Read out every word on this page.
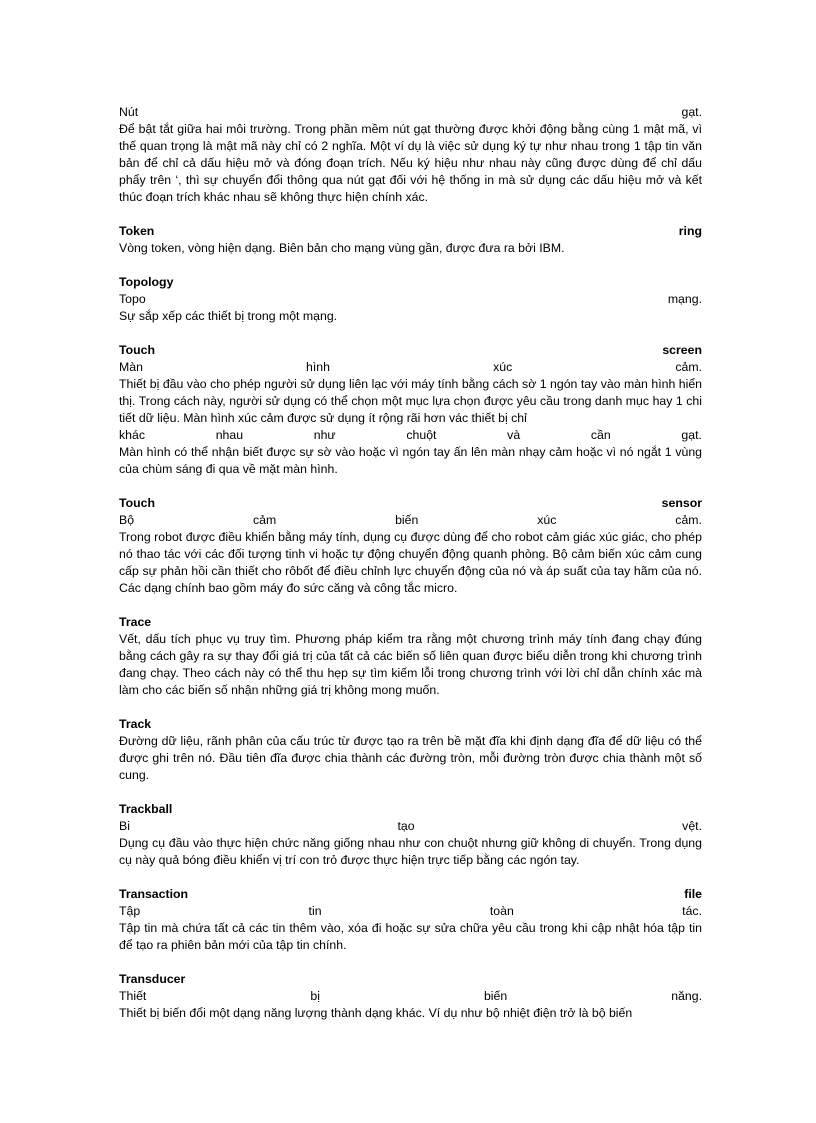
Nút	gạt.
Để bật tắt giữa hai môi trường. Trong phần mềm nút gạt thường được khởi động bằng cùng 1 mật mã, vì thế quan trọng là mật mã này chỉ có 2 nghĩa. Một ví dụ là việc sử dụng ký tự như nhau trong 1 tập tin văn bản để chỉ cả dấu hiệu mở và đóng đoạn trích. Nếu ký hiệu như nhau này cũng được dùng để chỉ dấu phẩy trên ‘, thì sự chuyển đổi thông qua nút gạt đối với hệ thống in mà sử dụng các dấu hiệu mở và kết thúc đoạn trích khác nhau sẽ không thực hiện chính xác.
Token	ring
Vòng token, vòng hiện dạng. Biên bản cho mạng vùng gần, được đưa ra bởi IBM.
Topology
Topo	mạng.
Sự sắp xếp các thiết bị trong một mạng.
Touch	screen
Màn	hình	xúc	cảm.
Thiết bị đầu vào cho phép người sử dụng liên lạc với máy tính bằng cách sờ 1 ngón tay vào màn hình hiển thị. Trong cách này, người sử dụng có thể chọn một mục lựa chọn được yêu cầu trong danh mục hay 1 chi tiết dữ liệu. Màn hình xúc cảm được sử dụng ít rộng rãi hơn vác thiết bị chỉ
khác	nhau	như	chuột	và	cần	gạt.
Màn hình có thể nhận biết được sự sờ vào hoặc vì ngón tay ấn lên màn nhạy cảm hoặc vì nó ngắt 1 vùng của chùm sáng đi qua về mặt màn hình.
Touch	sensor
Bộ	cảm	biến	xúc	cảm.
Trong robot được điều khiển bằng máy tính, dụng cụ được dùng để cho robot cảm giác xúc giác, cho phép nó thao tác với các đối tượng tinh vi hoặc tự động chuyển động quanh phòng. Bộ cảm biến xúc cảm cung cấp sự phản hồi cần thiết cho rôbốt để điều chỉnh lực chuyển động của nó và áp suất của tay hãm của nó. Các dạng chính bao gồm máy đo sức căng và công tắc micro.
Trace
Vết, dấu tích phục vụ truy tìm. Phương pháp kiểm tra rằng một chương trình máy tính đang chạy đúng bằng cách gây ra sự thay đổi giá trị của tất cả các biến số liên quan được biểu diễn trong khi chương trình đang chạy. Theo cách này có thể thu hẹp sự tìm kiếm lỗi trong chương trình với lời chỉ dẫn chính xác mà làm cho các biến số nhận những giá trị không mong muốn.
Track
Đường dữ liệu, rãnh phân của cấu trúc từ được tạo ra trên bề mặt đĩa khi định dạng đĩa để dữ liệu có thể được ghi trên nó. Đầu tiên đĩa được chia thành các đường tròn, mỗi đường tròn được chia thành một số cung.
Trackball
Bi	tạo	vệt.
Dụng cụ đầu vào thực hiện chức năng giống nhau như con chuột nhưng giữ không di chuyển. Trong dụng cụ này quả bóng điều khiển vị trí con trỏ được thực hiện trực tiếp bằng các ngón tay.
Transaction	file
Tập	tin	toàn	tác.
Tập tin mà chứa tất cả các tin thêm vào, xóa đi hoặc sự sửa chữa yêu cầu trong khi cập nhật hóa tập tin để tạo ra phiên bản mới của tập tin chính.
Transducer
Thiết	bị	biến	năng.
Thiết bị biến đổi một dạng năng lượng thành dạng khác. Ví dụ như bộ nhiệt điện trở là bộ biến
